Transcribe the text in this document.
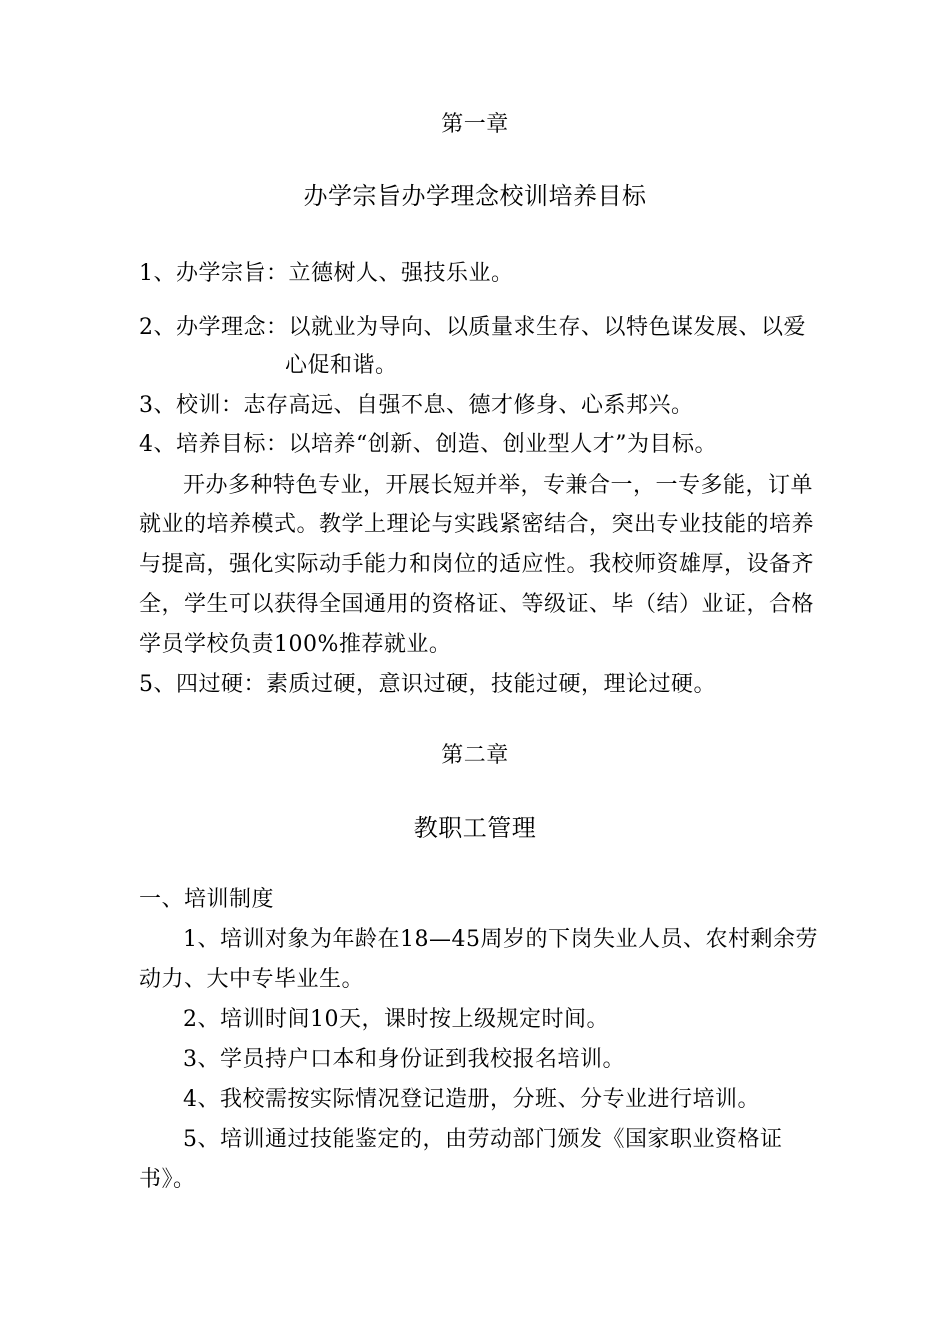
第一章
办学宗旨办学理念校训培养目标
1、办学宗旨：立德树人、强技乐业。
2、办学理念：以就业为导向、以质量求生存、以特色谋发展、以爱
心促和谐。
3、校训：志存高远、自强不息、德才修身、心系邦兴。
4、培养目标：以培养“创新、创造、创业型人才”为目标。
开办多种特色专业，开展长短并举，专兼合一，一专多能，订单
就业的培养模式。教学上理论与实践紧密结合，突出专业技能的培养
与提高，强化实际动手能力和岗位的适应性。我校师资雄厚，设备齐
全，学生可以获得全国通用的资格证、等级证、毕（结）业证，合格
学员学校负责100%推荐就业。
5、四过硬：素质过硬，意识过硬，技能过硬，理论过硬。
第二章
教职工管理
一、培训制度
1、培训对象为年龄在18—45周岁的下岗失业人员、农村剩余劳
动力、大中专毕业生。
2、培训时间10天，课时按上级规定时间。
3、学员持户口本和身份证到我校报名培训。
4、我校需按实际情况登记造册，分班、分专业进行培训。
5、培训通过技能鉴定的，由劳动部门颁发《国家职业资格证
书》。
